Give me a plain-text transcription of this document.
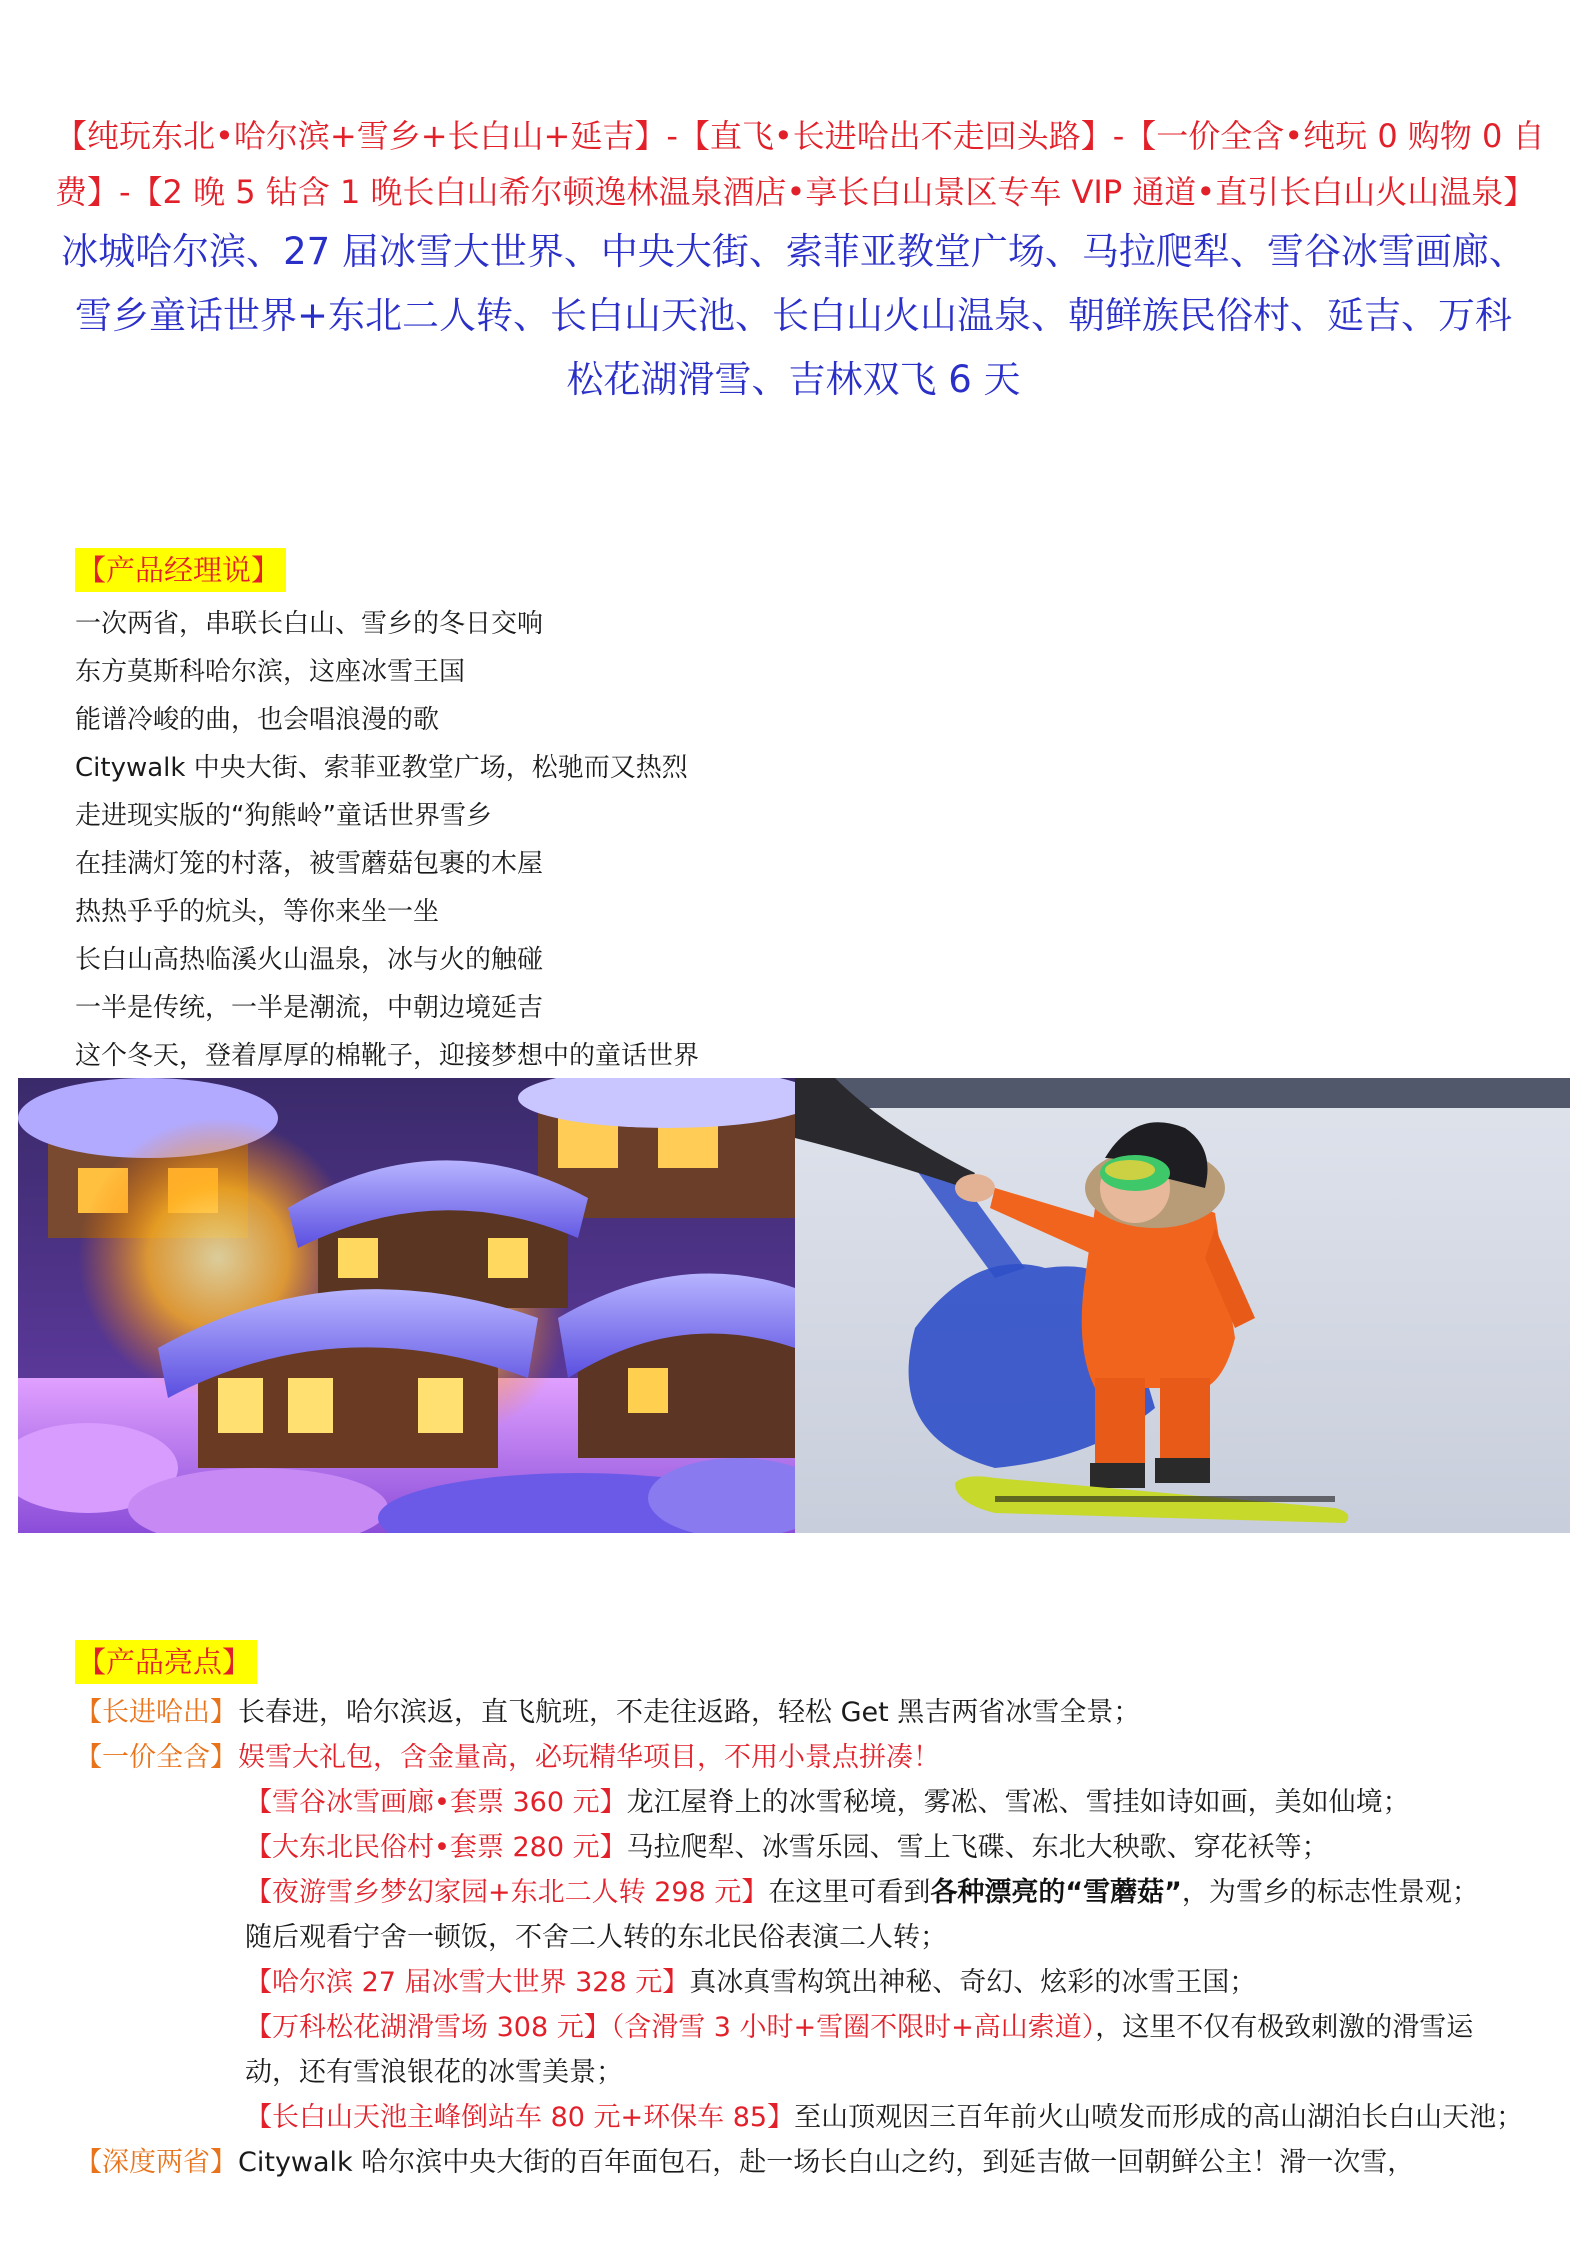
【纯玩东北•哈尔滨+雪乡+长白山+延吉】-【直飞•长进哈出不走回头路】-【一价全含•纯玩 0 购物 0 自
费】-【2 晚 5 钻含 1 晚长白山希尔顿逸林温泉酒店•享长白山景区专车 VIP 通道•直引长白山火山温泉】
冰城哈尔滨、27 届冰雪大世界、中央大街、索菲亚教堂广场、马拉爬犁、雪谷冰雪画廊、
雪乡童话世界+东北二人转、长白山天池、长白山火山温泉、朝鲜族民俗村、延吉、万科
松花湖滑雪、吉林双飞 6 天
【产品经理说】
一次两省，串联长白山、雪乡的冬日交响
东方莫斯科哈尔滨，这座冰雪王国
能谱冷峻的曲，也会唱浪漫的歌
Citywalk 中央大街、索菲亚教堂广场，松驰而又热烈
走进现实版的“狗熊岭”童话世界雪乡
在挂满灯笼的村落，被雪蘑菇包裹的木屋
热热乎乎的炕头，等你来坐一坐
长白山高热临溪火山温泉，冰与火的触碰
一半是传统，一半是潮流，中朝边境延吉
这个冬天，登着厚厚的棉靴子，迎接梦想中的童话世界
【产品亮点】
【长进哈出】长春进，哈尔滨返，直飞航班，不走往返路，轻松 Get 黑吉两省冰雪全景；
【一价全含】娱雪大礼包，含金量高，必玩精华项目，不用小景点拼凑！
【雪谷冰雪画廊•套票 360 元】龙江屋脊上的冰雪秘境，雾凇、雪凇、雪挂如诗如画，美如仙境；
【大东北民俗村•套票 280 元】马拉爬犁、冰雪乐园、雪上飞碟、东北大秧歌、穿花袄等；
【夜游雪乡梦幻家园+东北二人转 298 元】在这里可看到各种漂亮的“雪蘑菇”，为雪乡的标志性景观；
随后观看宁舍一顿饭，不舍二人转的东北民俗表演二人转；
【哈尔滨 27 届冰雪大世界 328 元】真冰真雪构筑出神秘、奇幻、炫彩的冰雪王国；
【万科松花湖滑雪场 308 元】（含滑雪 3 小时+雪圈不限时+高山索道），这里不仅有极致刺激的滑雪运
动，还有雪浪银花的冰雪美景；
【长白山天池主峰倒站车 80 元+环保车 85】至山顶观因三百年前火山喷发而形成的高山湖泊长白山天池；
【深度两省】Citywalk 哈尔滨中央大街的百年面包石，赴一场长白山之约，到延吉做一回朝鲜公主！滑一次雪，
